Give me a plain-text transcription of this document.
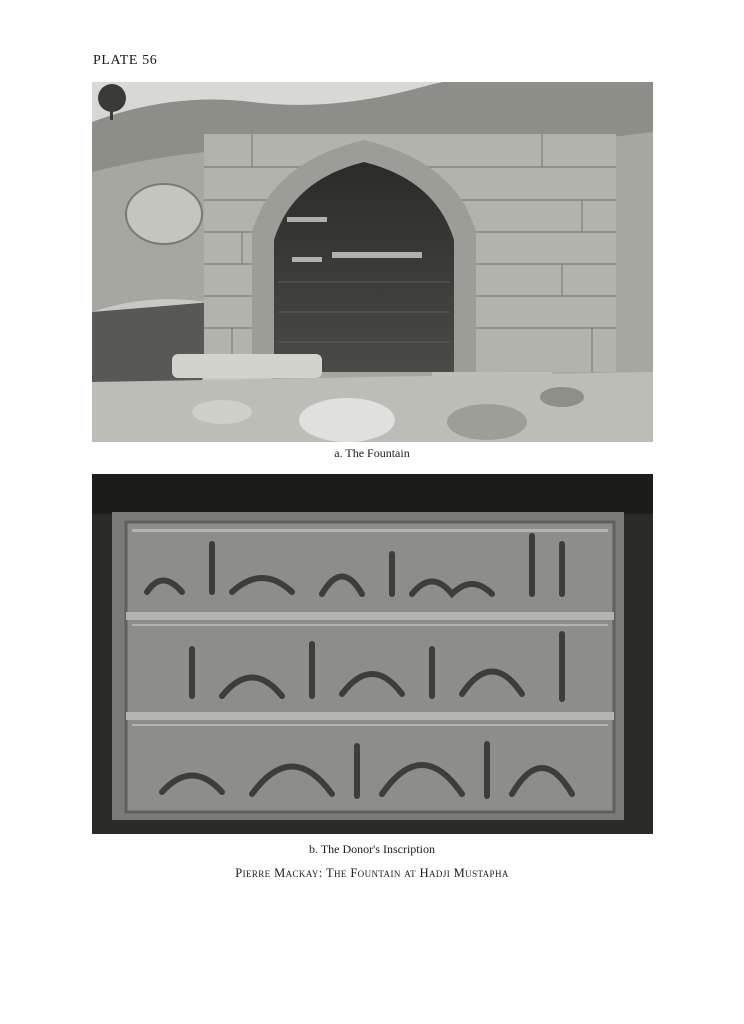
PLATE 56
a. The Fountain
b. The Donor's Inscription
Pierre Mackay: The Fountain at Hadji Mustapha
